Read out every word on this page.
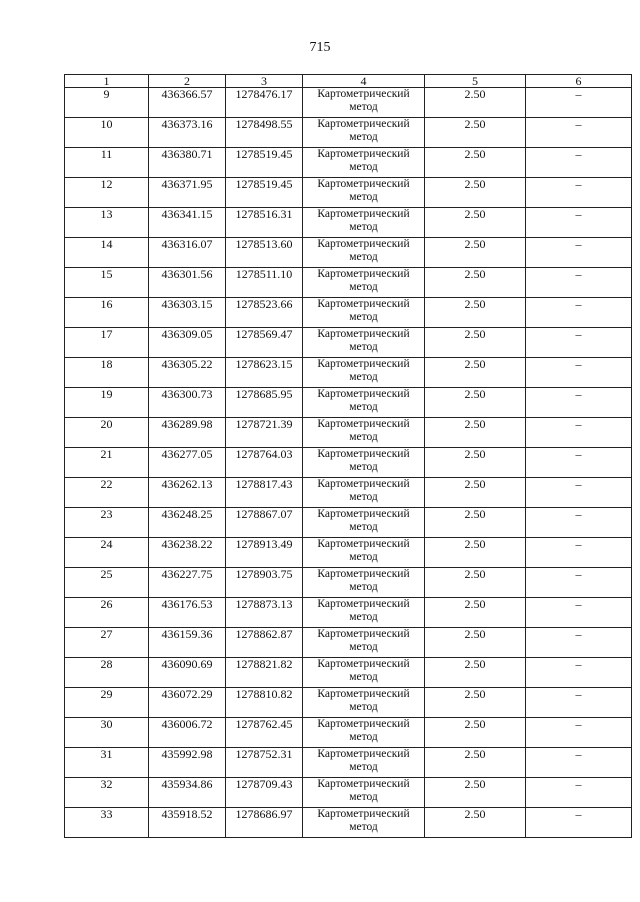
715
1	2	3	4	5	6
9	436366.57	1278476.17	Картометрический метод	2.50	–
10	436373.16	1278498.55	Картометрический метод	2.50	–
11	436380.71	1278519.45	Картометрический метод	2.50	–
12	436371.95	1278519.45	Картометрический метод	2.50	–
13	436341.15	1278516.31	Картометрический метод	2.50	–
14	436316.07	1278513.60	Картометрический метод	2.50	–
15	436301.56	1278511.10	Картометрический метод	2.50	–
16	436303.15	1278523.66	Картометрический метод	2.50	–
17	436309.05	1278569.47	Картометрический метод	2.50	–
18	436305.22	1278623.15	Картометрический метод	2.50	–
19	436300.73	1278685.95	Картометрический метод	2.50	–
20	436289.98	1278721.39	Картометрический метод	2.50	–
21	436277.05	1278764.03	Картометрический метод	2.50	–
22	436262.13	1278817.43	Картометрический метод	2.50	–
23	436248.25	1278867.07	Картометрический метод	2.50	–
24	436238.22	1278913.49	Картометрический метод	2.50	–
25	436227.75	1278903.75	Картометрический метод	2.50	–
26	436176.53	1278873.13	Картометрический метод	2.50	–
27	436159.36	1278862.87	Картометрический метод	2.50	–
28	436090.69	1278821.82	Картометрический метод	2.50	–
29	436072.29	1278810.82	Картометрический метод	2.50	–
30	436006.72	1278762.45	Картометрический метод	2.50	–
31	435992.98	1278752.31	Картометрический метод	2.50	–
32	435934.86	1278709.43	Картометрический метод	2.50	–
33	435918.52	1278686.97	Картометрический метод	2.50	–
